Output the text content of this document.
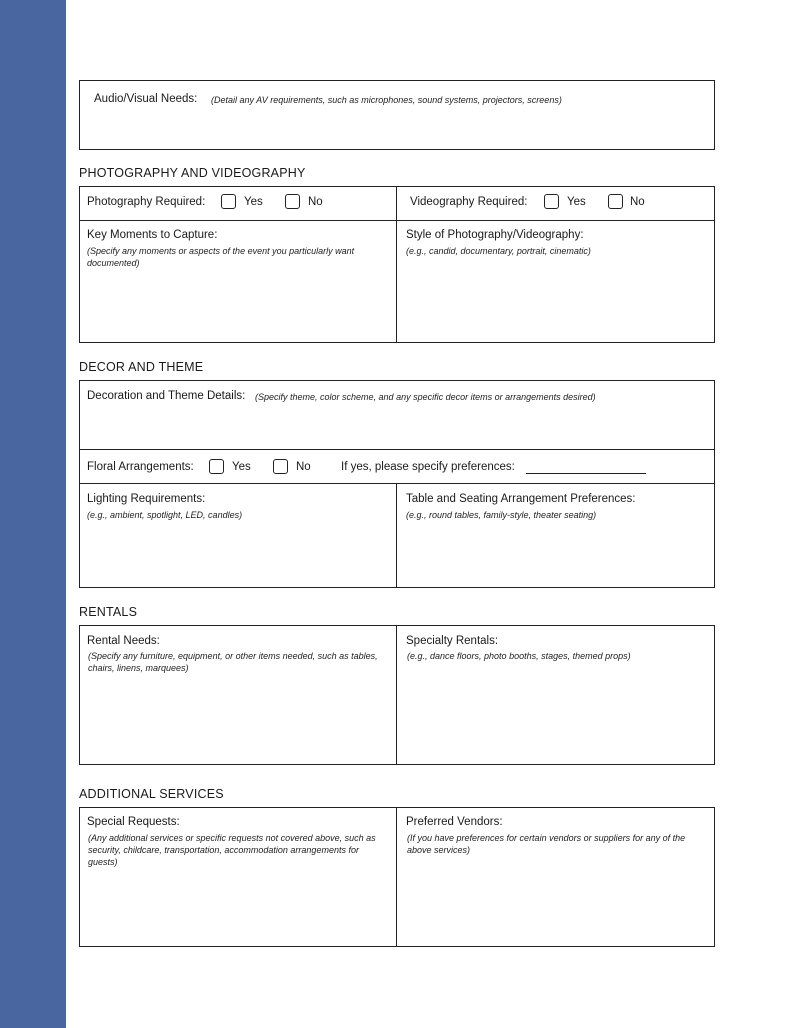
Audio/Visual Needs: (Detail any AV requirements, such as microphones, sound systems, projectors, screens)
PHOTOGRAPHY AND VIDEOGRAPHY
Photography Required:	Yes	No	Videography Required:	Yes	No
Key Moments to Capture:
(Specify any moments or aspects of the event you particularly want documented)
Style of Photography/Videography:
(e.g., candid, documentary, portrait, cinematic)
DECOR AND THEME
Decoration and Theme Details: (Specify theme, color scheme, and any specific decor items or arrangements desired)
Floral Arrangements:	Yes	No	If yes, please specify preferences:
Lighting Requirements:
(e.g., ambient, spotlight, LED, candles)
Table and Seating Arrangement Preferences:
(e.g., round tables, family-style, theater seating)
RENTALS
Rental Needs:
(Specify any furniture, equipment, or other items needed, such as tables, chairs, linens, marquees)
Specialty Rentals:
(e.g., dance floors, photo booths, stages, themed props)
ADDITIONAL SERVICES
Special Requests:
(Any additional services or specific requests not covered above, such as security, childcare, transportation, accommodation arrangements for guests)
Preferred Vendors:
(If you have preferences for certain vendors or suppliers for any of the above services)
